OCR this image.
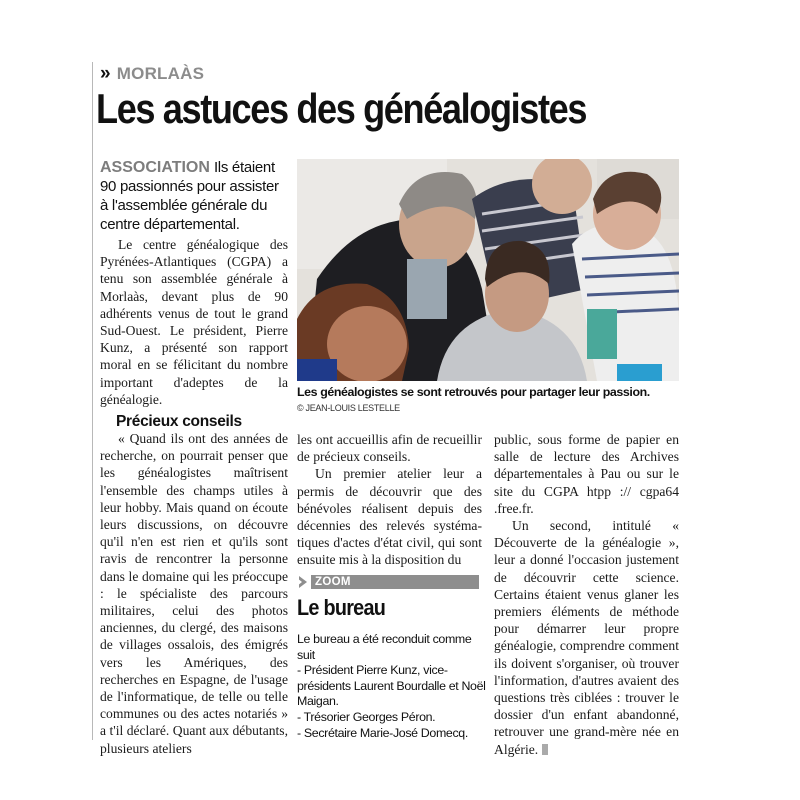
» MORLAÀS
Les astuces des généalogistes
ASSOCIATION Ils étaient 90 passionnés pour assister à l'assemblée générale du centre départemental.

Le centre généalogique des Pyrénées-Atlantiques (CGPA) a tenu son assemblée générale à Morlaàs, devant plus de 90 adhérents venus de tout le grand Sud-Ouest. Le président, Pierre Kunz, a présenté son rapport moral en se félicitant du nombre important d'adeptes de la généalogie.

Précieux conseils

« Quand ils ont des années de recherche, on pourrait penser que les généalogistes maîtrisent l'ensemble des champs utiles à leur hobby. Mais quand on écoute leurs discussions, on découvre qu'il n'en est rien et qu'ils sont ravis de rencontrer la personne dans le domaine qui les préoccupe : le spécialiste des parcours militaires, celui des photos anciennes, du clergé, des maisons de villages ossalois, des émigrés vers les Amériques, des recherches en Espagne, de l'usage de l'informatique, de telle ou telle communes ou des actes notariés » a t'il déclaré. Quant aux débutants, plusieurs ateliers

Les généalogistes se sont retrouvés pour partager leur passion.
© JEAN-LOUIS LESTELLE

les ont accueillis afin de recueillir de précieux conseils.

Un premier atelier leur a permis de découvrir que des bénévoles réalisent depuis des décennies des relevés systématiques d'actes d'état civil, qui sont ensuite mis à la disposition du

ZOOM
Le bureau
Le bureau a été reconduit comme suit
- Président Pierre Kunz, vice-présidents Laurent Bourdalle et Noël Maigan.
- Trésorier Georges Péron.
- Secrétaire Marie-José Domecq.

public, sous forme de papier en salle de lecture des Archives départementales à Pau ou sur le site du CGPA htpp :// cgpa64 .free.fr.

Un second, intitulé « Découverte de la généalogie », leur a donné l'occasion justement de découvrir cette science. Certains étaient venus glaner les premiers éléments de méthode pour démarrer leur propre généalogie, comprendre comment ils doivent s'organiser, où trouver l'information, d'autres avaient des questions très ciblées : trouver le dossier d'un enfant abandonné, retrouver une grand-mère née en Algérie.
